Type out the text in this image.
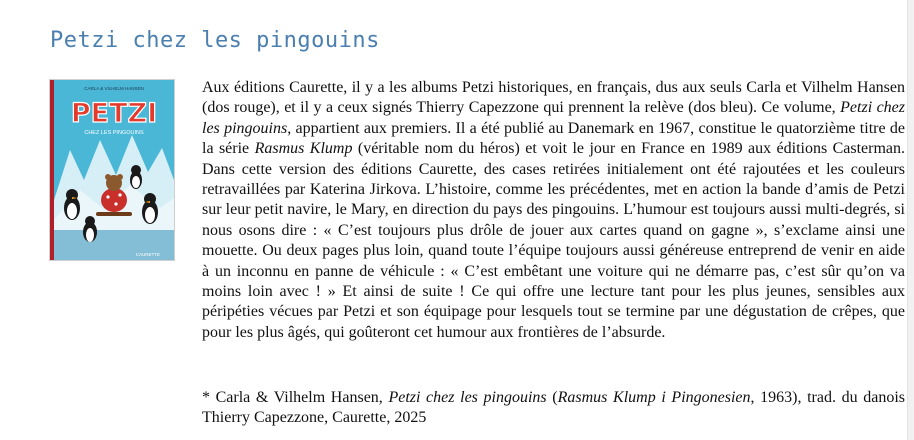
Petzi chez les pingouins
CARLA & VILHELM HANSEN
PETZI
CHEZ LES PINGOUINS
CAURETTE

Aux éditions Caurette, il y a les albums Petzi historiques, en français, dus aux seuls Carla et Vilhelm Hansen (dos rouge), et il y a ceux signés Thierry Capezzone qui prennent la relève (dos bleu). Ce volume, Petzi chez les pingouins, appartient aux premiers. Il a été publié au Danemark en 1967, constitue le quatorzième titre de la série Rasmus Klump (véritable nom du héros) et voit le jour en France en 1989 aux éditions Casterman. Dans cette version des éditions Caurette, des cases retirées initialement ont été rajoutées et les couleurs retravaillées par Katerina Jirkova. L’histoire, comme les précédentes, met en action la bande d’amis de Petzi sur leur petit navire, le Mary, en direction du pays des pingouins. L’humour est toujours aussi multi-degrés, si nous osons dire : « C’est toujours plus drôle de jouer aux cartes quand on gagne », s’exclame ainsi une mouette. Ou deux pages plus loin, quand toute l’équipe toujours aussi généreuse entreprend de venir en aide à un inconnu en panne de véhicule : « C’est embêtant une voiture qui ne démarre pas, c’est sûr qu’on va moins loin avec ! » Et ainsi de suite ! Ce qui offre une lecture tant pour les plus jeunes, sensibles aux péripéties vécues par Petzi et son équipage pour lesquels tout se termine par une dégustation de crêpes, que pour les plus âgés, qui goûteront cet humour aux frontières de l’absurde.

* Carla & Vilhelm Hansen, Petzi chez les pingouins (Rasmus Klump i Pingonesien, 1963), trad. du danois Thierry Capezzone, Caurette, 2025
